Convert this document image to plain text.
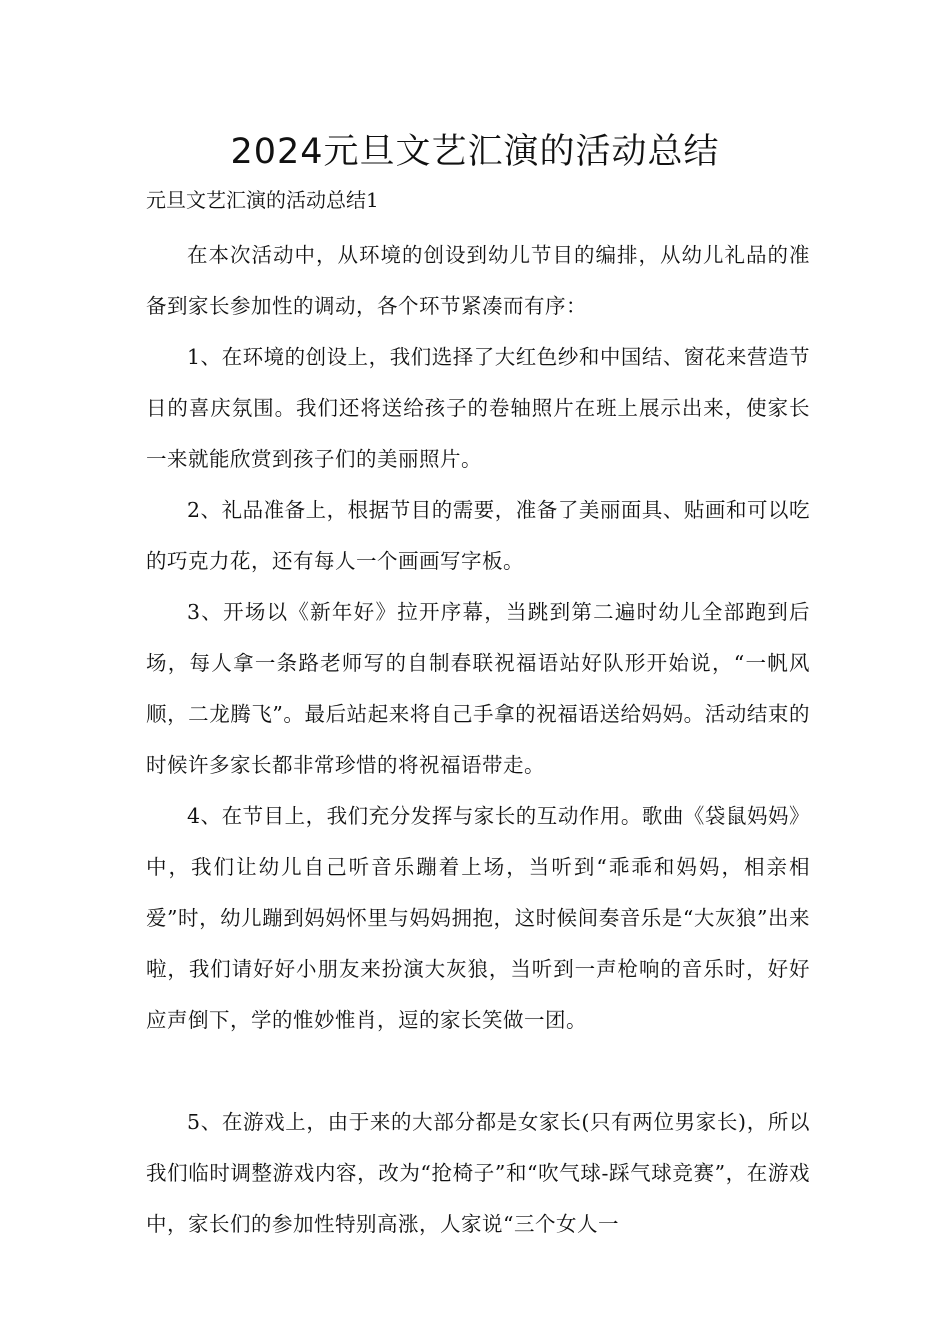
2024元旦文艺汇演的活动总结

元旦文艺汇演的活动总结1

在本次活动中，从环境的创设到幼儿节目的编排，从幼儿礼品的准备到家长参加性的调动，各个环节紧凑而有序：

1、在环境的创设上，我们选择了大红色纱和中国结、窗花来营造节日的喜庆氛围。我们还将送给孩子的卷轴照片在班上展示出来，使家长一来就能欣赏到孩子们的美丽照片。

2、礼品准备上，根据节目的需要，准备了美丽面具、贴画和可以吃的巧克力花，还有每人一个画画写字板。

3、开场以《新年好》拉开序幕，当跳到第二遍时幼儿全部跑到后场，每人拿一条路老师写的自制春联祝福语站好队形开始说，“一帆风顺，二龙腾飞”。最后站起来将自己手拿的祝福语送给妈妈。活动结束的时候许多家长都非常珍惜的将祝福语带走。

4、在节目上，我们充分发挥与家长的互动作用。歌曲《袋鼠妈妈》中，我们让幼儿自己听音乐蹦着上场，当听到“乖乖和妈妈，相亲相爱”时，幼儿蹦到妈妈怀里与妈妈拥抱，这时候间奏音乐是“大灰狼”出来啦，我们请好好小朋友来扮演大灰狼，当听到一声枪响的音乐时，好好应声倒下，学的惟妙惟肖，逗的家长笑做一团。

5、在游戏上，由于来的大部分都是女家长(只有两位男家长)，所以我们临时调整游戏内容，改为“抢椅子”和“吹气球-踩气球竞赛”，在游戏中，家长们的参加性特别高涨，人家说“三个女人一
